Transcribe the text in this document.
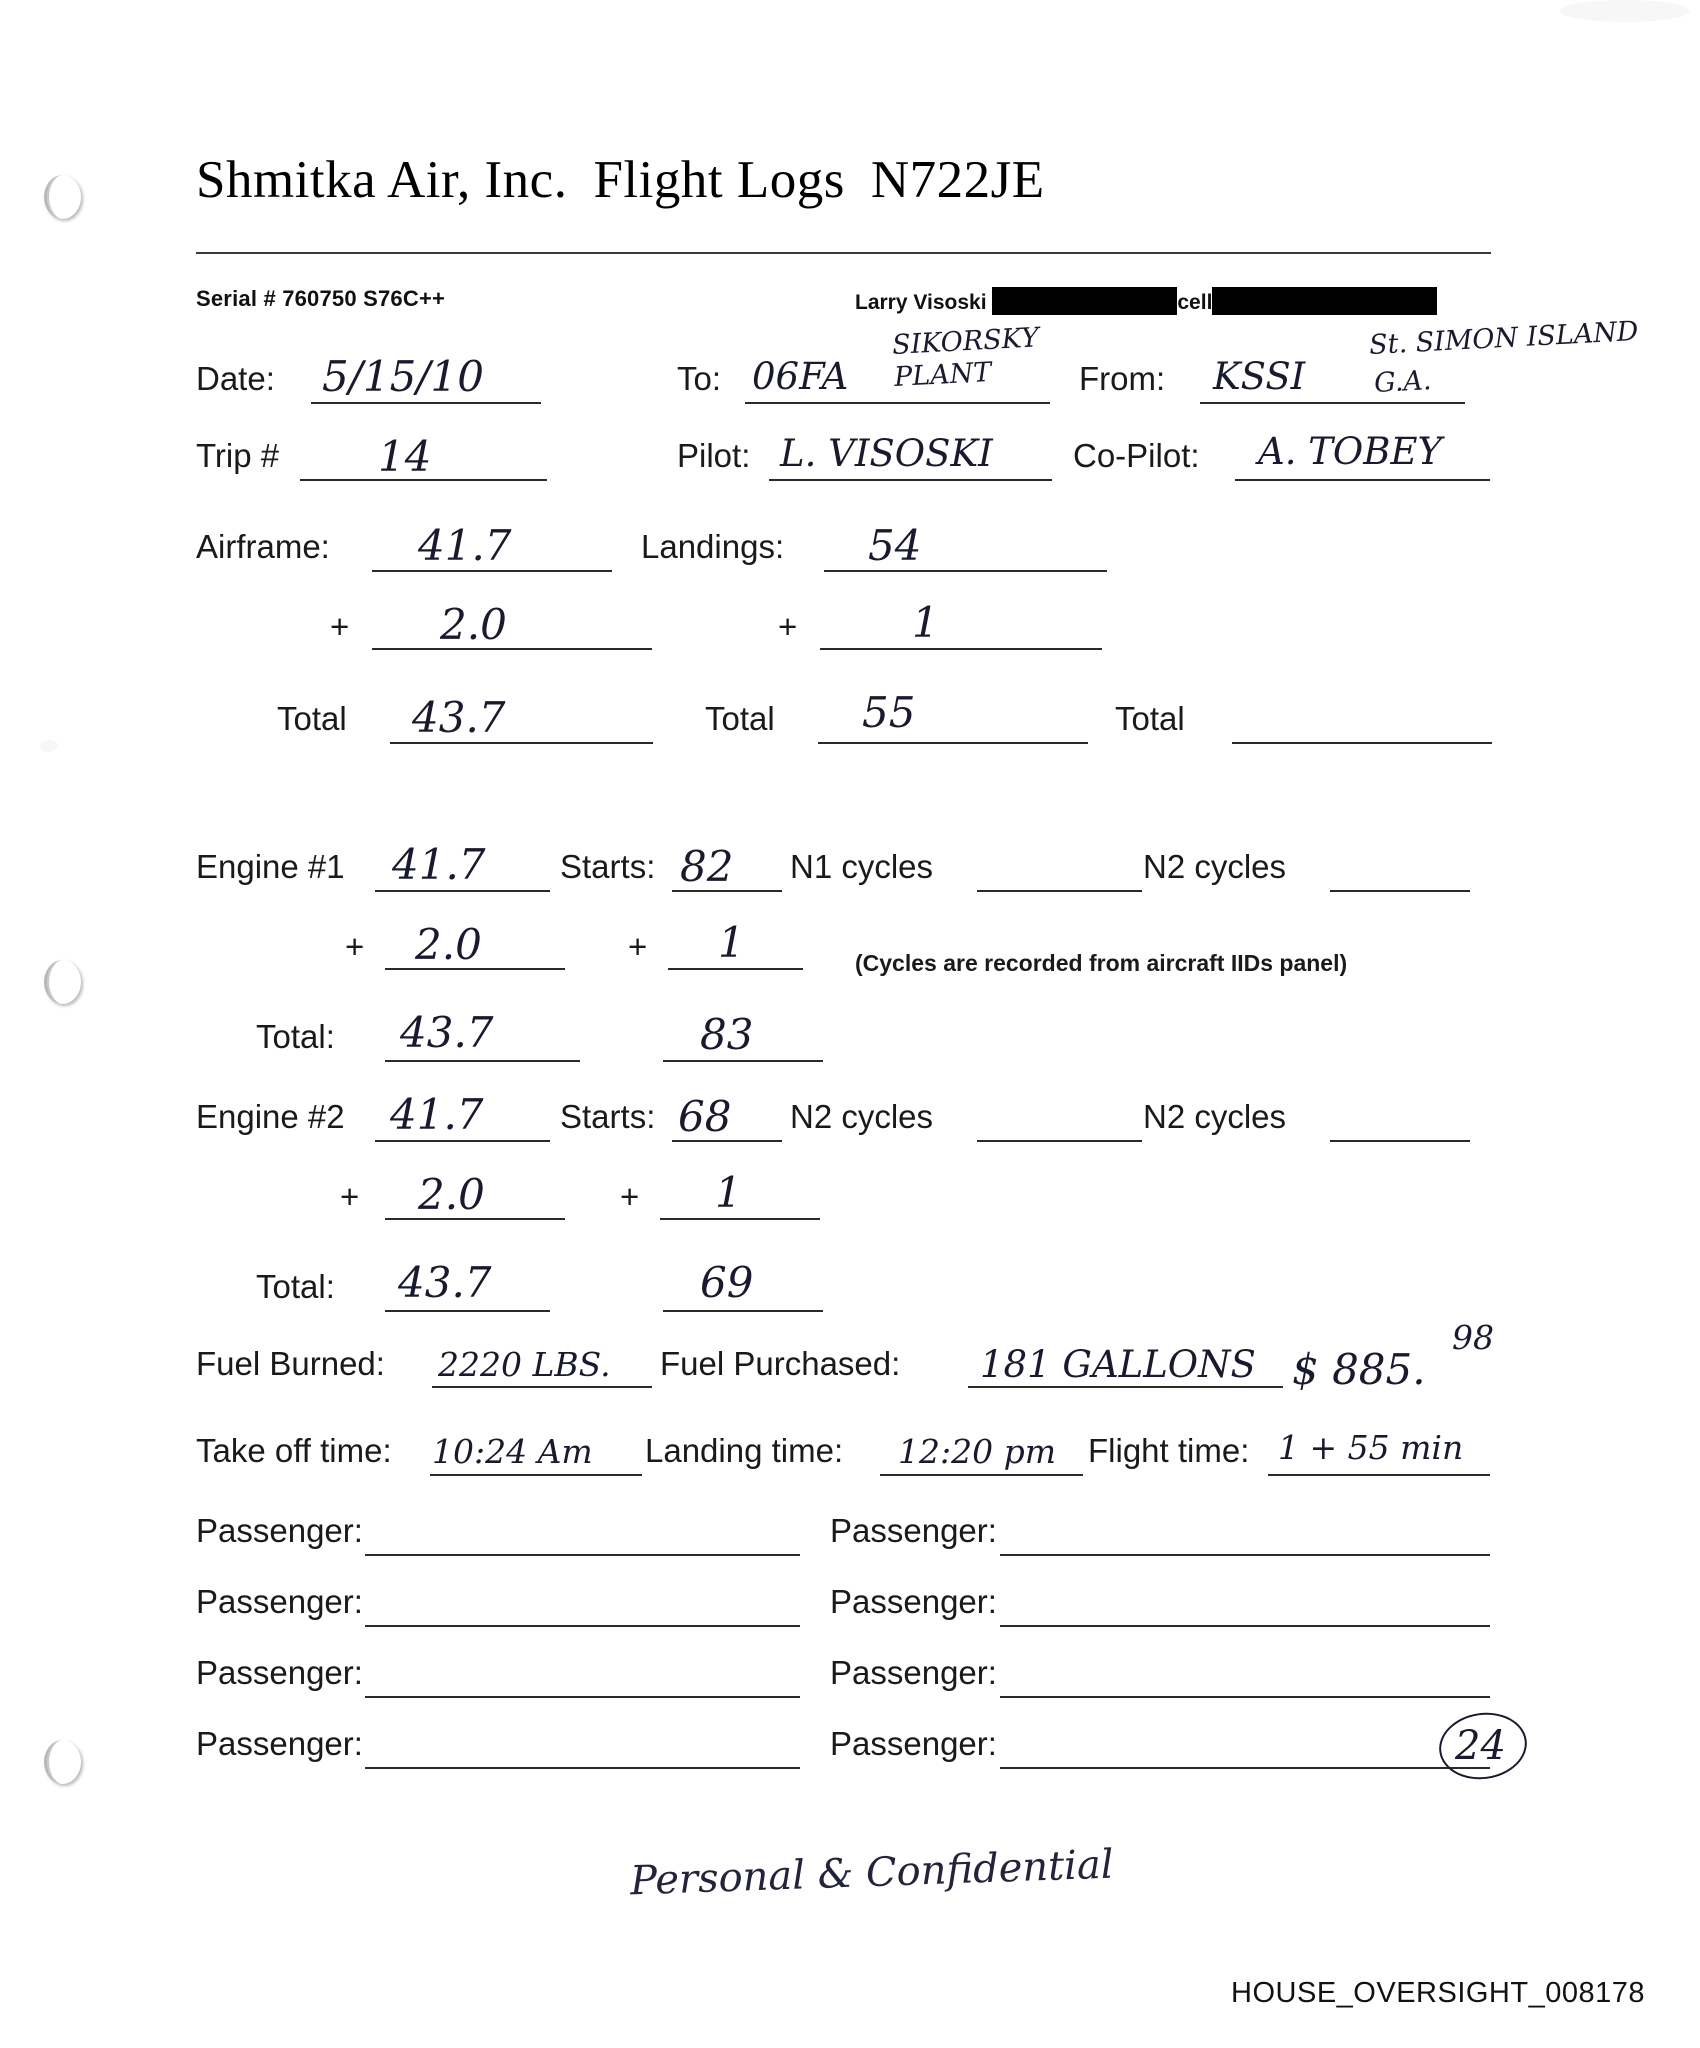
Shmitka Air, Inc. Flight Logs N722JE
Serial # 760750 S76C++	Larry Visoski	cell
Date: 5/15/10	To: 06FA
SIKORSKY
PLANT	From: KSSI
St. SIMON ISLAND
G.A.
Trip # 14	Pilot: L. VISOSKI Co-Pilot: A. TOBEY
Airframe: 41.7	Landings: 54
+ 2.0	+	1
Total 43.7	Total 55	Total
Engine #1 41.7 Starts: 82 N1 cycles	N2 cycles
+ 2.0	+ 1	(Cycles are recorded from aircraft IIDs panel)
Total: 43.7	83
Engine #2 41.7 Starts: 68 N2 cycles	N2 cycles
+ 2.0	+ 1
Total: 43.7	69
Fuel Burned: 2220 LBS. Fuel Purchased: 181 GALLONS $ 885.
98
Take off time: 10:24 Am Landing time: 12:20 pm Flight time: 1 + 55 min
Passenger:	Passenger:
Passenger:	Passenger:
Passenger:	Passenger:
Passenger:	Passenger:	24
Personal & Confidential
HOUSE_OVERSIGHT_008178
